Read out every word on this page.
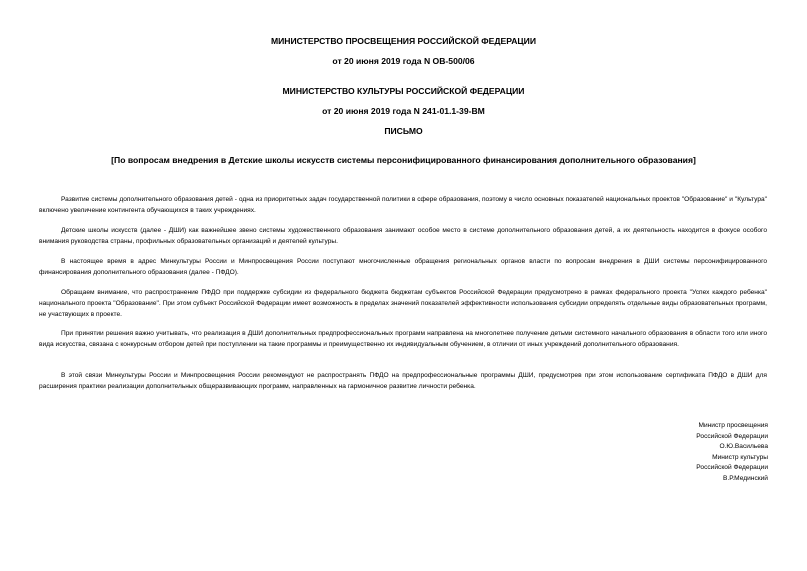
МИНИСТЕРСТВО ПРОСВЕЩЕНИЯ РОССИЙСКОЙ ФЕДЕРАЦИИ
от 20 июня 2019 года N ОВ-500/06
МИНИСТЕРСТВО КУЛЬТУРЫ РОССИЙСКОЙ ФЕДЕРАЦИИ
от 20 июня 2019 года N 241-01.1-39-ВМ
ПИСЬМО
[По вопросам внедрения в Детские школы искусств системы персонифицированного финансирования дополнительного образования]

Развитие системы дополнительного образования детей - одна из приоритетных задач государственной политики в сфере образования, поэтому в число основных показателей национальных проектов "Образование" и "Культура" включено увеличение контингента обучающихся в таких учреждениях.

Детские школы искусств (далее - ДШИ) как важнейшее звено системы художественного образования занимают особое место в системе дополнительного образования детей, а их деятельность находится в фокусе особого внимания руководства страны, профильных образовательных организаций и деятелей культуры.

В настоящее время в адрес Минкультуры России и Минпросвещения России поступают многочисленные обращения региональных органов власти по вопросам внедрения в ДШИ системы персонифицированного финансирования дополнительного образования (далее - ПФДО).

Обращаем внимание, что распространение ПФДО при поддержке субсидии из федерального бюджета бюджетам субъектов Российской Федерации предусмотрено в рамках федерального проекта "Успех каждого ребенка" национального проекта "Образование". При этом субъект Российской Федерации имеет возможность в пределах значений показателей эффективности использования субсидии определять отдельные виды образовательных программ, не участвующих в проекте.

При принятии решения важно учитывать, что реализация в ДШИ дополнительных предпрофессиональных программ направлена на многолетнее получение детьми системного начального образования в области того или иного вида искусства, связана с конкурсным отбором детей при поступлении на такие программы и преимущественно их индивидуальным обучением, в отличии от иных учреждений дополнительного образования.

В этой связи Минкультуры России и Минпросвещения России рекомендуют не распространять ПФДО на предпрофессиональные программы ДШИ, предусмотрев при этом использование сертификата ПФДО в ДШИ для расширения практики реализации дополнительных общеразвивающих программ, направленных на гармоничное развитие личности ребенка.

Министр просвещения
Российской Федерации
О.Ю.Васильева
Министр культуры
Российской Федерации
В.Р.Мединский
